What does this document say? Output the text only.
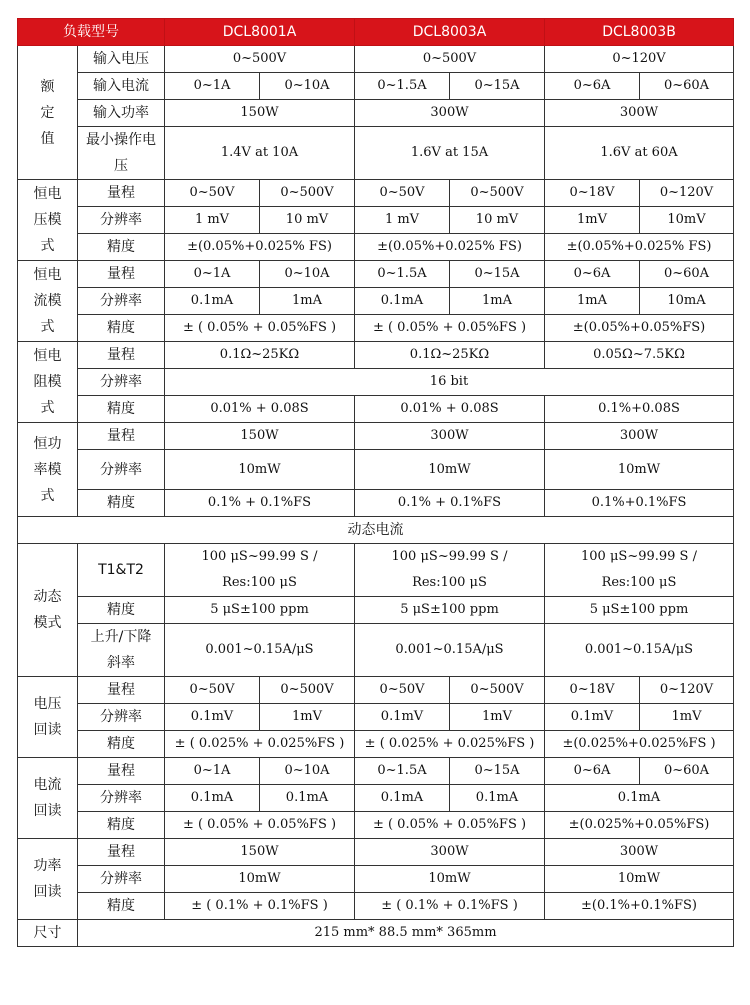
负载型号		DCL8001A		DCL8003A		DCL8003B	
额定值	输入电压	0~500V		0~500V		0~120V	
	输入电流	0~1A	0~10A	0~1.5A	0~15A	0~6A	0~60A
	输入功率	150W		300W		300W	
	最小操作电压	1.4V at 10A		1.6V at 15A		1.6V at 60A	
恒电压模式	量程	0~50V	0~500V	0~50V	0~500V	0~18V	0~120V
	分辨率	1 mV	10 mV	1 mV	10 mV	1mV	10mV
	精度	±(0.05%+0.025% FS)		±(0.05%+0.025% FS)		±(0.05%+0.025% FS)	
恒电流模式	量程	0~1A	0~10A	0~1.5A	0~15A	0~6A	0~60A
	分辨率	0.1mA	1mA	0.1mA	1mA	1mA	10mA
	精度	± ( 0.05% + 0.05%FS )		± ( 0.05% + 0.05%FS )		±(0.05%+0.05%FS)	
恒电阻模式	量程	0.1Ω~25KΩ		0.1Ω~25KΩ		0.05Ω~7.5KΩ	
	分辨率	16 bit					
	精度	0.01% + 0.08S		0.01% + 0.08S		0.1%+0.08S	
恒功率模式	量程	150W		300W		300W	
	分辨率	10mW		10mW		10mW	
	精度	0.1% + 0.1%FS		0.1% + 0.1%FS		0.1%+0.1%FS	
动态电流							
动态模式	T1&T2	100 μS~99.99 S / Res:100 μS		100 μS~99.99 S / Res:100 μS		100 μS~99.99 S / Res:100 μS	
	精度	5 μS±100 ppm		5 μS±100 ppm		5 μS±100 ppm	
	上升/下降斜率	0.001~0.15A/μS		0.001~0.15A/μS		0.001~0.15A/μS	
电压回读	量程	0~50V	0~500V	0~50V	0~500V	0~18V	0~120V
	分辨率	0.1mV	1mV	0.1mV	1mV	0.1mV	1mV
	精度	± ( 0.025% + 0.025%FS )		± ( 0.025% + 0.025%FS )		±(0.025%+0.025%FS )	
电流回读	量程	0~1A	0~10A	0~1.5A	0~15A	0~6A	0~60A
	分辨率	0.1mA	0.1mA	0.1mA	0.1mA	0.1mA	
	精度	± ( 0.05% + 0.05%FS )		± ( 0.05% + 0.05%FS )		±(0.025%+0.05%FS)	
功率回读	量程	150W		300W		300W	
	分辨率	10mW		10mW		10mW	
	精度	± ( 0.1% + 0.1%FS )		± ( 0.1% + 0.1%FS )		±(0.1%+0.1%FS)	
尺寸	215 mm* 88.5 mm* 365mm						
